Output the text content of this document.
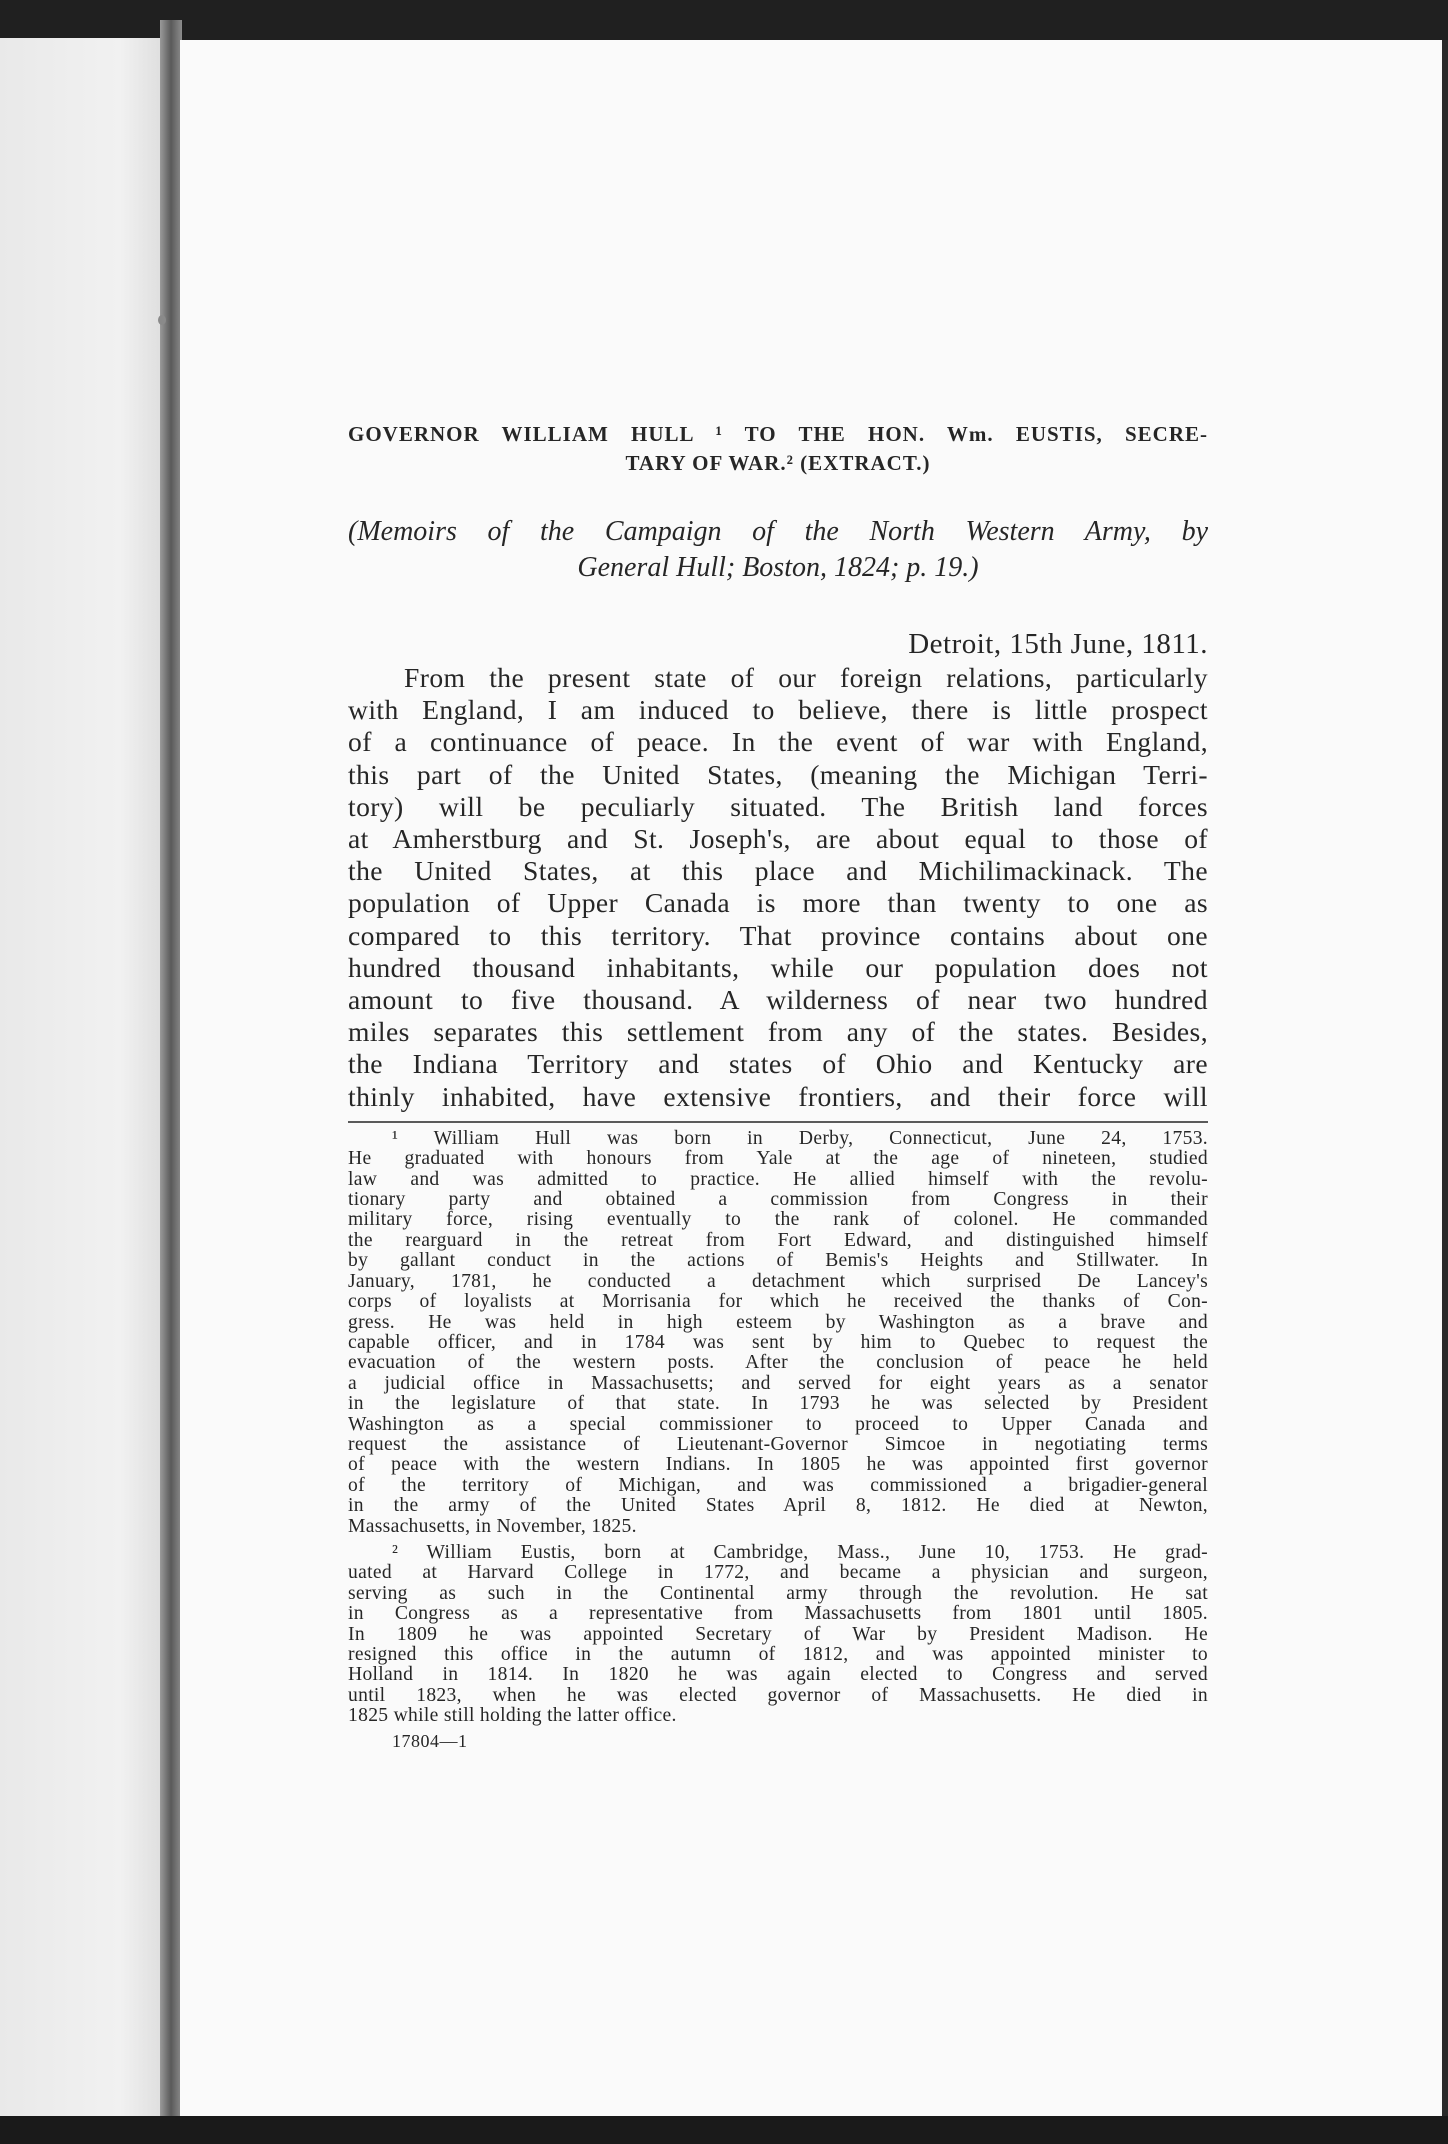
GOVERNOR WILLIAM HULL ¹ TO THE HON. Wm. EUSTIS, SECRE-
TARY OF WAR.² (EXTRACT.)
(Memoirs of the Campaign of the North Western Army, by
General Hull; Boston, 1824; p. 19.)
Detroit, 15th June, 1811.
From the present state of our foreign relations, particularly
with England, I am induced to believe, there is little prospect
of a continuance of peace. In the event of war with England,
this part of the United States, (meaning the Michigan Terri-
tory) will be peculiarly situated. The British land forces
at Amherstburg and St. Joseph's, are about equal to those of
the United States, at this place and Michilimackinack. The
population of Upper Canada is more than twenty to one as
compared to this territory. That province contains about one
hundred thousand inhabitants, while our population does not
amount to five thousand. A wilderness of near two hundred
miles separates this settlement from any of the states. Besides,
the Indiana Territory and states of Ohio and Kentucky are
thinly inhabited, have extensive frontiers, and their force will
¹ William Hull was born in Derby, Connecticut, June 24, 1753.
He graduated with honours from Yale at the age of nineteen, studied
law and was admitted to practice. He allied himself with the revolu-
tionary party and obtained a commission from Congress in their
military force, rising eventually to the rank of colonel. He commanded
the rearguard in the retreat from Fort Edward, and distinguished himself
by gallant conduct in the actions of Bemis's Heights and Stillwater. In
January, 1781, he conducted a detachment which surprised De Lancey's
corps of loyalists at Morrisania for which he received the thanks of Con-
gress. He was held in high esteem by Washington as a brave and
capable officer, and in 1784 was sent by him to Quebec to request the
evacuation of the western posts. After the conclusion of peace he held
a judicial office in Massachusetts; and served for eight years as a senator
in the legislature of that state. In 1793 he was selected by President
Washington as a special commissioner to proceed to Upper Canada and
request the assistance of Lieutenant-Governor Simcoe in negotiating terms
of peace with the western Indians. In 1805 he was appointed first governor
of the territory of Michigan, and was commissioned a brigadier-general
in the army of the United States April 8, 1812. He died at Newton,
Massachusetts, in November, 1825.
² William Eustis, born at Cambridge, Mass., June 10, 1753. He grad-
uated at Harvard College in 1772, and became a physician and surgeon,
serving as such in the Continental army through the revolution. He sat
in Congress as a representative from Massachusetts from 1801 until 1805.
In 1809 he was appointed Secretary of War by President Madison. He
resigned this office in the autumn of 1812, and was appointed minister to
Holland in 1814. In 1820 he was again elected to Congress and served
until 1823, when he was elected governor of Massachusetts. He died in
1825 while still holding the latter office.
17804—1
